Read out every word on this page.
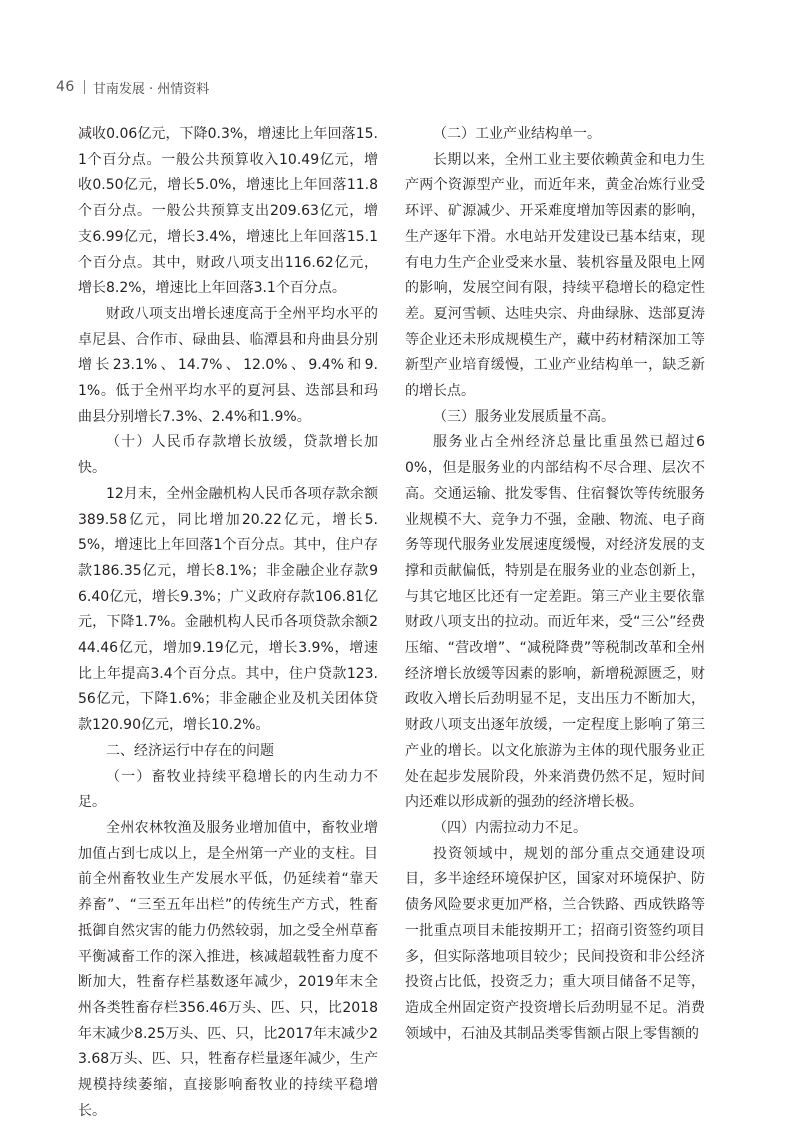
46 甘南发展 · 州情资料

减收0.06亿元，下降0.3%，增速比上年回落15.1个百分点。一般公共预算收入10.49亿元，增收0.50亿元，增长5.0%，增速比上年回落11.8个百分点。一般公共预算支出209.63亿元，增支6.99亿元，增长3.4%，增速比上年回落15.1个百分点。其中，财政八项支出116.62亿元，增长8.2%，增速比上年回落3.1个百分点。

财政八项支出增长速度高于全州平均水平的卓尼县、合作市、碌曲县、临潭县和舟曲县分别增长23.1%、14.7%、12.0%、9.4%和9.1%。低于全州平均水平的夏河县、迭部县和玛曲县分别增长7.3%、2.4%和1.9%。

（十）人民币存款增长放缓，贷款增长加快。

12月末，全州金融机构人民币各项存款余额389.58亿元，同比增加20.22亿元，增长5.5%，增速比上年回落1个百分点。其中，住户存款186.35亿元，增长8.1%；非金融企业存款96.40亿元，增长9.3%；广义政府存款106.81亿元，下降1.7%。金融机构人民币各项贷款余额244.46亿元，增加9.19亿元，增长3.9%，增速比上年提高3.4个百分点。其中，住户贷款123.56亿元，下降1.6%；非金融企业及机关团体贷款120.90亿元，增长10.2%。

二、经济运行中存在的问题

（一）畜牧业持续平稳增长的内生动力不足。

全州农林牧渔及服务业增加值中，畜牧业增加值占到七成以上，是全州第一产业的支柱。目前全州畜牧业生产发展水平低，仍延续着“靠天养畜”、“三至五年出栏”的传统生产方式，牲畜抵御自然灾害的能力仍然较弱，加之受全州草畜平衡减畜工作的深入推进，核减超载牲畜力度不断加大，牲畜存栏基数逐年减少，2019年末全州各类牲畜存栏356.46万头、匹、只，比2018年末减少8.25万头、匹、只，比2017年末减少23.68万头、匹、只，牲畜存栏量逐年减少，生产规模持续萎缩，直接影响畜牧业的持续平稳增长。

（二）工业产业结构单一。

长期以来，全州工业主要依赖黄金和电力生产两个资源型产业，而近年来，黄金冶炼行业受环评、矿源减少、开采难度增加等因素的影响，生产逐年下滑。水电站开发建设已基本结束，现有电力生产企业受来水量、装机容量及限电上网的影响，发展空间有限，持续平稳增长的稳定性差。夏河雪顿、达哇央宗、舟曲绿脉、迭部夏涛等企业还未形成规模生产，藏中药材精深加工等新型产业培育缓慢，工业产业结构单一，缺乏新的增长点。

（三）服务业发展质量不高。

服务业占全州经济总量比重虽然已超过60%，但是服务业的内部结构不尽合理、层次不高。交通运输、批发零售、住宿餐饮等传统服务业规模不大、竞争力不强，金融、物流、电子商务等现代服务业发展速度缓慢，对经济发展的支撑和贡献偏低，特别是在服务业的业态创新上，与其它地区比还有一定差距。第三产业主要依靠财政八项支出的拉动。而近年来，受“三公”经费压缩、“营改增”、“减税降费”等税制改革和全州经济增长放缓等因素的影响，新增税源匮乏，财政收入增长后劲明显不足，支出压力不断加大，财政八项支出逐年放缓，一定程度上影响了第三产业的增长。以文化旅游为主体的现代服务业正处在起步发展阶段，外来消费仍然不足，短时间内还难以形成新的强劲的经济增长极。

（四）内需拉动力不足。

投资领域中，规划的部分重点交通建设项目，多半途经环境保护区，国家对环境保护、防债务风险要求更加严格，兰合铁路、西成铁路等一批重点项目未能按期开工；招商引资签约项目多，但实际落地项目较少；民间投资和非公经济投资占比低，投资乏力；重大项目储备不足等，造成全州固定资产投资增长后劲明显不足。消费领域中，石油及其制品类零售额占限上零售额的
